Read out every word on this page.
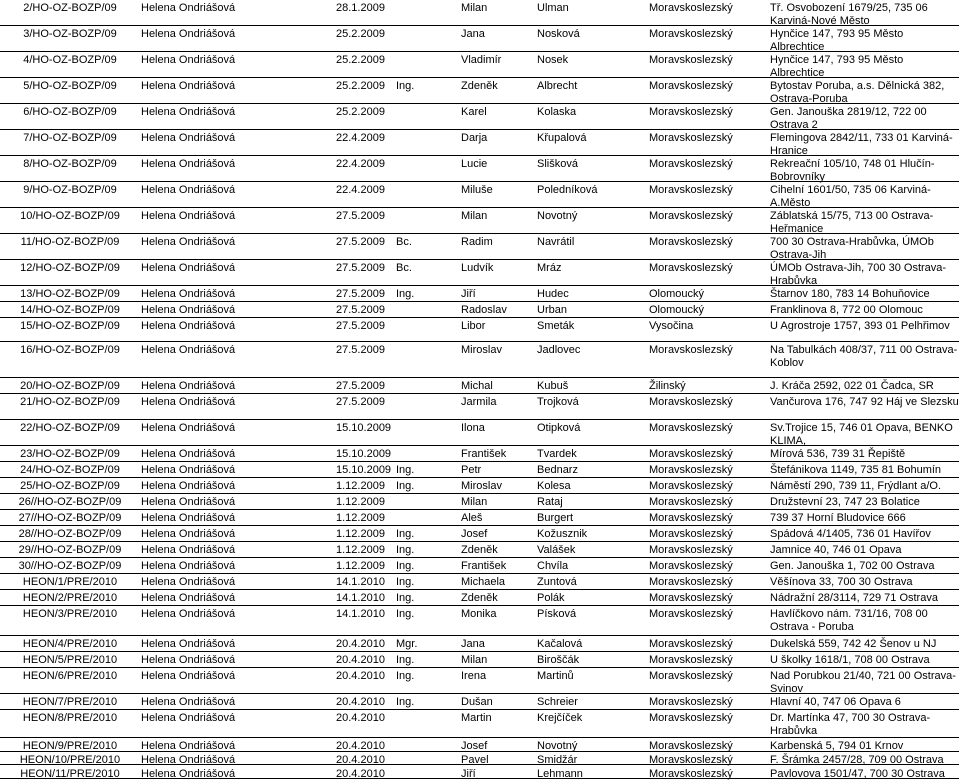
2/HO-OZ-BOZP/09	Helena Ondriášová	28.1.2009	Milan	Ulman	Moravskoslezský	Tř. Osvobození 1679/25, 735 06 Karviná-Nové Město
3/HO-OZ-BOZP/09	Helena Ondriášová	25.2.2009	Jana	Nosková	Moravskoslezský	Hynčice 147, 793 95 Město Albrechtice
4/HO-OZ-BOZP/09	Helena Ondriášová	25.2.2009	Vladimír	Nosek	Moravskoslezský	Hynčice 147, 793 95 Město Albrechtice
5/HO-OZ-BOZP/09	Helena Ondriášová	25.2.2009 Ing.	Zdeněk	Albrecht	Moravskoslezský	Bytostav Poruba, a.s. Dělnická 382, Ostrava-Poruba
6/HO-OZ-BOZP/09	Helena Ondriášová	25.2.2009	Karel	Kolaska	Moravskoslezský	Gen. Janouška 2819/12, 722 00 Ostrava 2
7/HO-OZ-BOZP/09	Helena Ondriášová	22.4.2009	Darja	Křupalová	Moravskoslezský	Flemingova 2842/11, 733 01 Karviná-Hranice
8/HO-OZ-BOZP/09	Helena Ondriášová	22.4.2009	Lucie	Slišková	Moravskoslezský	Rekreační 105/10, 748 01 Hlučín-Bobrovníky
9/HO-OZ-BOZP/09	Helena Ondriášová	22.4.2009	Miluše	Poledníková	Moravskoslezský	Cihelní 1601/50, 735 06 Karviná-A.Město
10/HO-OZ-BOZP/09	Helena Ondriášová	27.5.2009	Milan	Novotný	Moravskoslezský	Záblatská 15/75, 713 00 Ostrava-Heřmanice
11/HO-OZ-BOZP/09	Helena Ondriášová	27.5.2009 Bc.	Radim	Navrátil	Moravskoslezský	700 30 Ostrava-Hrabůvka, ÚMOb Ostrava-Jih
12/HO-OZ-BOZP/09	Helena Ondriášová	27.5.2009 Bc.	Ludvík	Mráz	Moravskoslezský	ÚMOb Ostrava-Jih, 700 30 Ostrava-Hrabůvka
13/HO-OZ-BOZP/09	Helena Ondriášová	27.5.2009 Ing.	Jiří	Hudec	Olomoucký	Štarnov 180, 783 14 Bohuňovice
14/HO-OZ-BOZP/09	Helena Ondriášová	27.5.2009	Radoslav	Urban	Olomoucký	Franklinova 8, 772 00 Olomouc
15/HO-OZ-BOZP/09	Helena Ondriášová	27.5.2009	Libor	Smeták	Vysočina	U Agrostroje 1757, 393 01 Pelhřimov
16/HO-OZ-BOZP/09	Helena Ondriášová	27.5.2009	Miroslav	Jadlovec	Moravskoslezský	Na Tabulkách 408/37, 711 00 Ostrava-Koblov
20/HO-OZ-BOZP/09	Helena Ondriášová	27.5.2009	Michal	Kubuš	Žilinský	J. Kráča 2592, 022 01 Čadca, SR
21/HO-OZ-BOZP/09	Helena Ondriášová	27.5.2009	Jarmila	Trojková	Moravskoslezský	Vančurova 176, 747 92 Háj ve Slezsku
22/HO-OZ-BOZP/09	Helena Ondriášová	15.10.2009	Ilona	Otipková	Moravskoslezský	Sv.Trojice 15, 746 01 Opava, BENKO KLIMA,
23/HO-OZ-BOZP/09	Helena Ondriášová	15.10.2009	František	Tvardek	Moravskoslezský	Mírová 536, 739 31 Řepiště
24/HO-OZ-BOZP/09	Helena Ondriášová	15.10.2009 Ing.	Petr	Bednarz	Moravskoslezský	Štefánikova 1149, 735 81 Bohumín
25/HO-OZ-BOZP/09	Helena Ondriášová	1.12.2009 Ing.	Miroslav	Kolesa	Moravskoslezský	Náměstí 290, 739 11, Frýdlant a/O.
26//HO-OZ-BOZP/09	Helena Ondriášová	1.12.2009	Milan	Rataj	Moravskoslezský	Družstevní 23, 747 23 Bolatice
27//HO-OZ-BOZP/09	Helena Ondriášová	1.12.2009	Aleš	Burgert	Moravskoslezský	739 37 Horní Bludovice 666
28//HO-OZ-BOZP/09	Helena Ondriášová	1.12.2009 Ing.	Josef	Kožusznik	Moravskoslezský	Spádová 4/1405, 736 01 Havířov
29//HO-OZ-BOZP/09	Helena Ondriášová	1.12.2009 Ing.	Zdeněk	Valášek	Moravskoslezský	Jamnice 40, 746 01 Opava
30//HO-OZ-BOZP/09	Helena Ondriášová	1.12.2009 Ing.	František	Chvíla	Moravskoslezský	Gen. Janouška 1, 702 00 Ostrava
HEON/1/PRE/2010	Helena Ondriášová	14.1.2010 Ing.	Michaela	Zuntová	Moravskoslezský	Věšínova 33, 700 30 Ostrava
HEON/2/PRE/2010	Helena Ondriášová	14.1.2010 Ing.	Zdeněk	Polák	Moravskoslezský	Nádražní 28/3114, 729 71 Ostrava
HEON/3/PRE/2010	Helena Ondriášová	14.1.2010 Ing.	Monika	Písková	Moravskoslezský	Havlíčkovo nám. 731/16, 708 00 Ostrava - Poruba
HEON/4/PRE/2010	Helena Ondriášová	20.4.2010 Mgr.	Jana	Kačalová	Moravskoslezský	Dukelská 559, 742 42 Šenov u NJ
HEON/5/PRE/2010	Helena Ondriášová	20.4.2010 Ing.	Milan	Biroščák	Moravskoslezský	U školky 1618/1, 708 00 Ostrava
HEON/6/PRE/2010	Helena Ondriášová	20.4.2010 Ing.	Irena	Martinů	Moravskoslezský	Nad Porubkou 21/40, 721 00 Ostrava-Svinov
HEON/7/PRE/2010	Helena Ondriášová	20.4.2010 Ing.	Dušan	Schreier	Moravskoslezský	Hlavní 40, 747 06 Opava 6
HEON/8/PRE/2010	Helena Ondriášová	20.4.2010	Martin	Krejčíček	Moravskoslezský	Dr. Martínka 47, 700 30 Ostrava-Hrabůvka
HEON/9/PRE/2010	Helena Ondriášová	20.4.2010	Josef	Novotný	Moravskoslezský	Karbenská 5, 794 01 Krnov
HEON/10/PRE/2010	Helena Ondriášová	20.4.2010	Pavel	Smidžár	Moravskoslezský	F. Šrámka 2457/28, 709 00 Ostrava
HEON/11/PRE/2010	Helena Ondriášová	20.4.2010	Jiří	Lehmann	Moravskoslezský	Pavlovova 1501/47, 700 30 Ostrava
